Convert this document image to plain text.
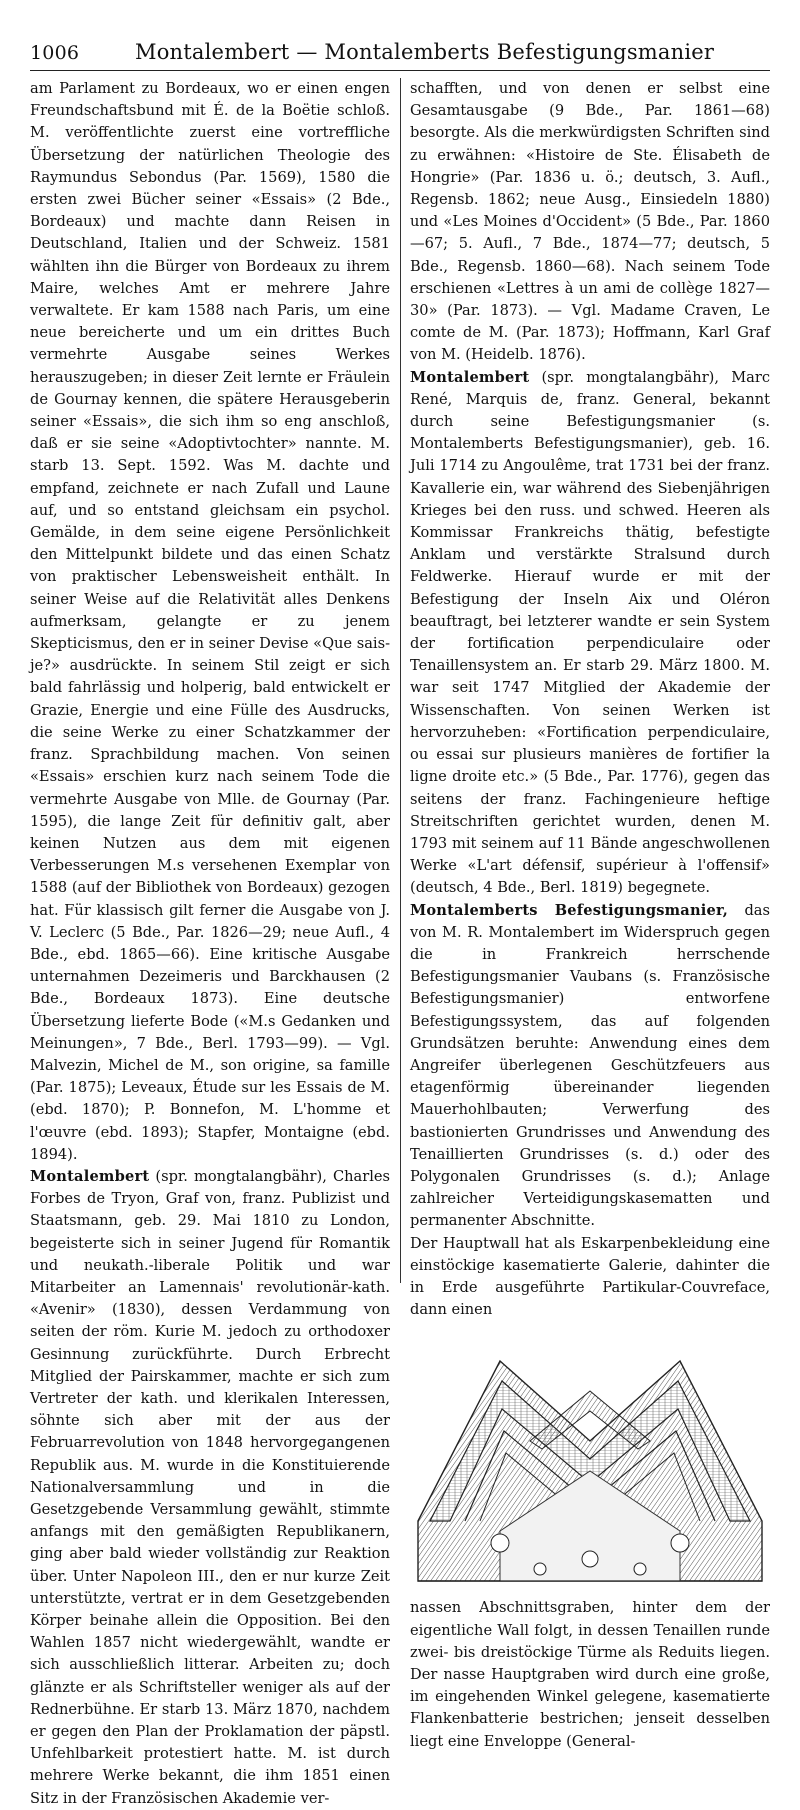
1006	Montalembert — Montalemberts Befestigungsmanier

am Parlament zu Bordeaux, wo er einen engen Freundschaftsbund mit É. de la Boëtie schloß. M. veröffentlichte zuerst eine vortreffliche Übersetzung der natürlichen Theologie des Raymundus Sebondus (Par. 1569), 1580 die ersten zwei Bücher seiner «Essais» (2 Bde., Bordeaux) und machte dann Reisen in Deutschland, Italien und der Schweiz. 1581 wählten ihn die Bürger von Bordeaux zu ihrem Maire, welches Amt er mehrere Jahre verwaltete. Er kam 1588 nach Paris, um eine neue bereicherte und um ein drittes Buch vermehrte Ausgabe seines Werkes herauszugeben; in dieser Zeit lernte er Fräulein de Gournay kennen, die spätere Herausgeberin seiner «Essais», die sich ihm so eng anschloß, daß er sie seine «Adoptivtochter» nannte. M. starb 13. Sept. 1592. Was M. dachte und empfand, zeichnete er nach Zufall und Laune auf, und so entstand gleichsam ein psychol. Gemälde, in dem seine eigene Persönlichkeit den Mittelpunkt bildete und das einen Schatz von praktischer Lebensweisheit enthält. In seiner Weise auf die Relativität alles Denkens aufmerksam, gelangte er zu jenem Skepticismus, den er in seiner Devise «Que sais-je?» ausdrückte. In seinem Stil zeigt er sich bald fahrlässig und holperig, bald entwickelt er Grazie, Energie und eine Fülle des Ausdrucks, die seine Werke zu einer Schatzkammer der franz. Sprachbildung machen. Von seinen «Essais» erschien kurz nach seinem Tode die vermehrte Ausgabe von Mlle. de Gournay (Par. 1595), die lange Zeit für definitiv galt, aber keinen Nutzen aus dem mit eigenen Verbesserungen M.s versehenen Exemplar von 1588 (auf der Bibliothek von Bordeaux) gezogen hat. Für klassisch gilt ferner die Ausgabe von J. V. Leclerc (5 Bde., Par. 1826—29; neue Aufl., 4 Bde., ebd. 1865—66). Eine kritische Ausgabe unternahmen Dezeimeris und Barckhausen (2 Bde., Bordeaux 1873). Eine deutsche Übersetzung lieferte Bode («M.s Gedanken und Meinungen», 7 Bde., Berl. 1793—99). — Vgl. Malvezin, Michel de M., son origine, sa famille (Par. 1875); Leveaux, Étude sur les Essais de M. (ebd. 1870); P. Bonnefon, M. L'homme et l'œuvre (ebd. 1893); Stapfer, Montaigne (ebd. 1894).

Montalembert (spr. mongtalangbähr), Charles Forbes de Tryon, Graf von, franz. Publizist und Staatsmann, geb. 29. Mai 1810 zu London, begeisterte sich in seiner Jugend für Romantik und neukath.-liberale Politik und war Mitarbeiter an Lamennais' revolutionär-kath. «Avenir» (1830), dessen Verdammung von seiten der röm. Kurie M. jedoch zu orthodoxer Gesinnung zurückführte. Durch Erbrecht Mitglied der Pairskammer, machte er sich zum Vertreter der kath. und klerikalen Interessen, söhnte sich aber mit der aus der Februarrevolution von 1848 hervorgegangenen Republik aus. M. wurde in die Konstituierende Nationalversammlung und in die Gesetzgebende Versammlung gewählt, stimmte anfangs mit den gemäßigten Republikanern, ging aber bald wieder vollständig zur Reaktion über. Unter Napoleon III., den er nur kurze Zeit unterstützte, vertrat er in dem Gesetzgebenden Körper beinahe allein die Opposition. Bei den Wahlen 1857 nicht wiedergewählt, wandte er sich ausschließlich litterar. Arbeiten zu; doch glänzte er als Schriftsteller weniger als auf der Rednerbühne. Er starb 13. März 1870, nachdem er gegen den Plan der Proklamation der päpstl. Unfehlbarkeit protestiert hatte. M. ist durch mehrere Werke bekannt, die ihm 1851 einen Sitz in der Französischen Akademie ver-

schafften, und von denen er selbst eine Gesamtausgabe (9 Bde., Par. 1861—68) besorgte. Als die merkwürdigsten Schriften sind zu erwähnen: «Histoire de Ste. Élisabeth de Hongrie» (Par. 1836 u. ö.; deutsch, 3. Aufl., Regensb. 1862; neue Ausg., Einsiedeln 1880) und «Les Moines d'Occident» (5 Bde., Par. 1860—67; 5. Aufl., 7 Bde., 1874—77; deutsch, 5 Bde., Regensb. 1860—68). Nach seinem Tode erschienen «Lettres à un ami de collège 1827—30» (Par. 1873). — Vgl. Madame Craven, Le comte de M. (Par. 1873); Hoffmann, Karl Graf von M. (Heidelb. 1876).

Montalembert (spr. mongtalangbähr), Marc René, Marquis de, franz. General, bekannt durch seine Befestigungsmanier (s. Montalemberts Befestigungsmanier), geb. 16. Juli 1714 zu Angoulême, trat 1731 bei der franz. Kavallerie ein, war während des Siebenjährigen Krieges bei den russ. und schwed. Heeren als Kommissar Frankreichs thätig, befestigte Anklam und verstärkte Stralsund durch Feldwerke. Hierauf wurde er mit der Befestigung der Inseln Aix und Oléron beauftragt, bei letzterer wandte er sein System der fortification perpendiculaire oder Tenaillensystem an. Er starb 29. März 1800. M. war seit 1747 Mitglied der Akademie der Wissenschaften. Von seinen Werken ist hervorzuheben: «Fortification perpendiculaire, ou essai sur plusieurs manières de fortifier la ligne droite etc.» (5 Bde., Par. 1776), gegen das seitens der franz. Fachingenieure heftige Streitschriften gerichtet wurden, denen M. 1793 mit seinem auf 11 Bände angeschwollenen Werke «L'art défensif, supérieur à l'offensif» (deutsch, 4 Bde., Berl. 1819) begegnete.

Montalemberts Befestigungsmanier, das von M. R. Montalembert im Widerspruch gegen die in Frankreich herrschende Befestigungsmanier Vaubans (s. Französische Befestigungsmanier) entworfene Befestigungssystem, das auf folgenden Grundsätzen beruhte: Anwendung eines dem Angreifer überlegenen Geschützfeuers aus etagenförmig übereinander liegenden Mauerhohlbauten; Verwerfung des bastionierten Grundrisses und Anwendung des Tenaillierten Grundrisses (s. d.) oder des Polygonalen Grundrisses (s. d.); Anlage zahlreicher Verteidigungskasematten und permanenter Abschnitte.

Der Hauptwall hat als Eskarpenbekleidung eine einstöckige kasematierte Galerie, dahinter die in Erde ausgeführte Partikular-Couvreface, dann einen

nassen Abschnittsgraben, hinter dem der eigentliche Wall folgt, in dessen Tenaillen runde zwei- bis dreistöckige Türme als Reduits liegen. Der nasse Hauptgraben wird durch eine große, im eingehenden Winkel gelegene, kasematierte Flankenbatterie bestrichen; jenseit desselben liegt eine Enveloppe (General-
